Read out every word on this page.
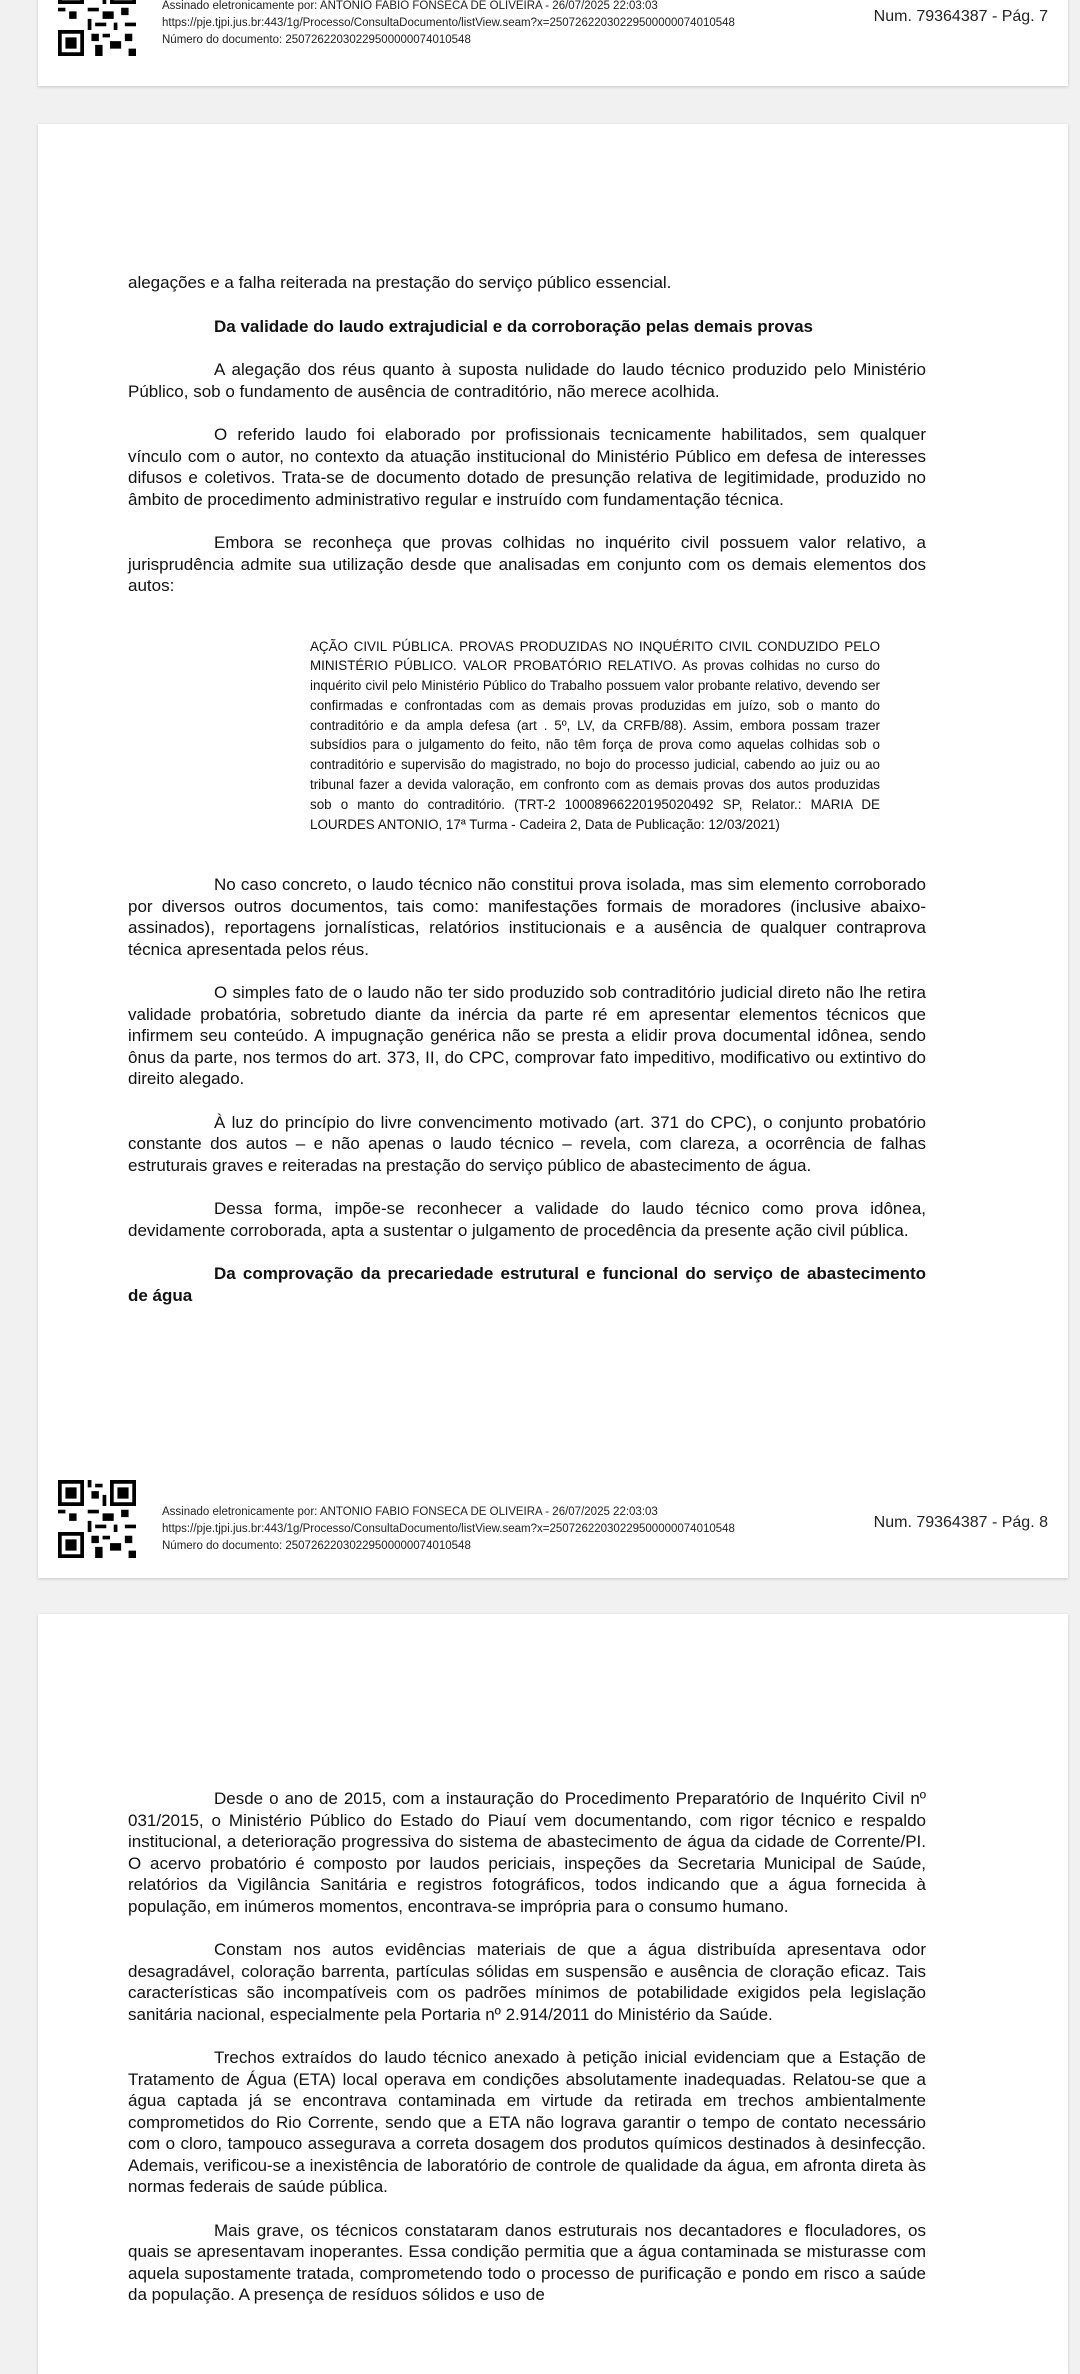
Assinado eletronicamente por: ANTONIO FABIO FONSECA DE OLIVEIRA - 26/07/2025 22:03:03
https://pje.tjpi.jus.br:443/1g/Processo/ConsultaDocumento/listView.seam?x=25072622030229500000074010548
Número do documento: 25072622030229500000074010548
Num. 79364387 - Pág. 7

alegações e a falha reiterada na prestação do serviço público essencial.

Da validade do laudo extrajudicial e da corroboração pelas demais provas

A alegação dos réus quanto à suposta nulidade do laudo técnico produzido pelo Ministério Público, sob o fundamento de ausência de contraditório, não merece acolhida.

O referido laudo foi elaborado por profissionais tecnicamente habilitados, sem qualquer vínculo com o autor, no contexto da atuação institucional do Ministério Público em defesa de interesses difusos e coletivos. Trata-se de documento dotado de presunção relativa de legitimidade, produzido no âmbito de procedimento administrativo regular e instruído com fundamentação técnica.

Embora se reconheça que provas colhidas no inquérito civil possuem valor relativo, a jurisprudência admite sua utilização desde que analisadas em conjunto com os demais elementos dos autos:

AÇÃO CIVIL PÚBLICA. PROVAS PRODUZIDAS NO INQUÉRITO CIVIL CONDUZIDO PELO MINISTÉRIO PÚBLICO. VALOR PROBATÓRIO RELATIVO. As provas colhidas no curso do inquérito civil pelo Ministério Público do Trabalho possuem valor probante relativo, devendo ser confirmadas e confrontadas com as demais provas produzidas em juízo, sob o manto do contraditório e da ampla defesa (art . 5º, LV, da CRFB/88). Assim, embora possam trazer subsídios para o julgamento do feito, não têm força de prova como aquelas colhidas sob o contraditório e supervisão do magistrado, no bojo do processo judicial, cabendo ao juiz ou ao tribunal fazer a devida valoração, em confronto com as demais provas dos autos produzidas sob o manto do contraditório. (TRT-2 10008966220195020492 SP, Relator.: MARIA DE LOURDES ANTONIO, 17ª Turma - Cadeira 2, Data de Publicação: 12/03/2021)

No caso concreto, o laudo técnico não constitui prova isolada, mas sim elemento corroborado por diversos outros documentos, tais como: manifestações formais de moradores (inclusive abaixo-assinados), reportagens jornalísticas, relatórios institucionais e a ausência de qualquer contraprova técnica apresentada pelos réus.

O simples fato de o laudo não ter sido produzido sob contraditório judicial direto não lhe retira validade probatória, sobretudo diante da inércia da parte ré em apresentar elementos técnicos que infirmem seu conteúdo. A impugnação genérica não se presta a elidir prova documental idônea, sendo ônus da parte, nos termos do art. 373, II, do CPC, comprovar fato impeditivo, modificativo ou extintivo do direito alegado.

À luz do princípio do livre convencimento motivado (art. 371 do CPC), o conjunto probatório constante dos autos – e não apenas o laudo técnico – revela, com clareza, a ocorrência de falhas estruturais graves e reiteradas na prestação do serviço público de abastecimento de água.

Dessa forma, impõe-se reconhecer a validade do laudo técnico como prova idônea, devidamente corroborada, apta a sustentar o julgamento de procedência da presente ação civil pública.

Da comprovação da precariedade estrutural e funcional do serviço de abastecimento de água

Assinado eletronicamente por: ANTONIO FABIO FONSECA DE OLIVEIRA - 26/07/2025 22:03:03
https://pje.tjpi.jus.br:443/1g/Processo/ConsultaDocumento/listView.seam?x=25072622030229500000074010548
Número do documento: 25072622030229500000074010548
Num. 79364387 - Pág. 8

Desde o ano de 2015, com a instauração do Procedimento Preparatório de Inquérito Civil nº 031/2015, o Ministério Público do Estado do Piauí vem documentando, com rigor técnico e respaldo institucional, a deterioração progressiva do sistema de abastecimento de água da cidade de Corrente/PI. O acervo probatório é composto por laudos periciais, inspeções da Secretaria Municipal de Saúde, relatórios da Vigilância Sanitária e registros fotográficos, todos indicando que a água fornecida à população, em inúmeros momentos, encontrava-se imprópria para o consumo humano.

Constam nos autos evidências materiais de que a água distribuída apresentava odor desagradável, coloração barrenta, partículas sólidas em suspensão e ausência de cloração eficaz. Tais características são incompatíveis com os padrões mínimos de potabilidade exigidos pela legislação sanitária nacional, especialmente pela Portaria nº 2.914/2011 do Ministério da Saúde.

Trechos extraídos do laudo técnico anexado à petição inicial evidenciam que a Estação de Tratamento de Água (ETA) local operava em condições absolutamente inadequadas. Relatou-se que a água captada já se encontrava contaminada em virtude da retirada em trechos ambientalmente comprometidos do Rio Corrente, sendo que a ETA não lograva garantir o tempo de contato necessário com o cloro, tampouco assegurava a correta dosagem dos produtos químicos destinados à desinfecção. Ademais, verificou-se a inexistência de laboratório de controle de qualidade da água, em afronta direta às normas federais de saúde pública.

Mais grave, os técnicos constataram danos estruturais nos decantadores e floculadores, os quais se apresentavam inoperantes. Essa condição permitia que a água contaminada se misturasse com aquela supostamente tratada, comprometendo todo o processo de purificação e pondo em risco a saúde da população. A presença de resíduos sólidos e uso de
